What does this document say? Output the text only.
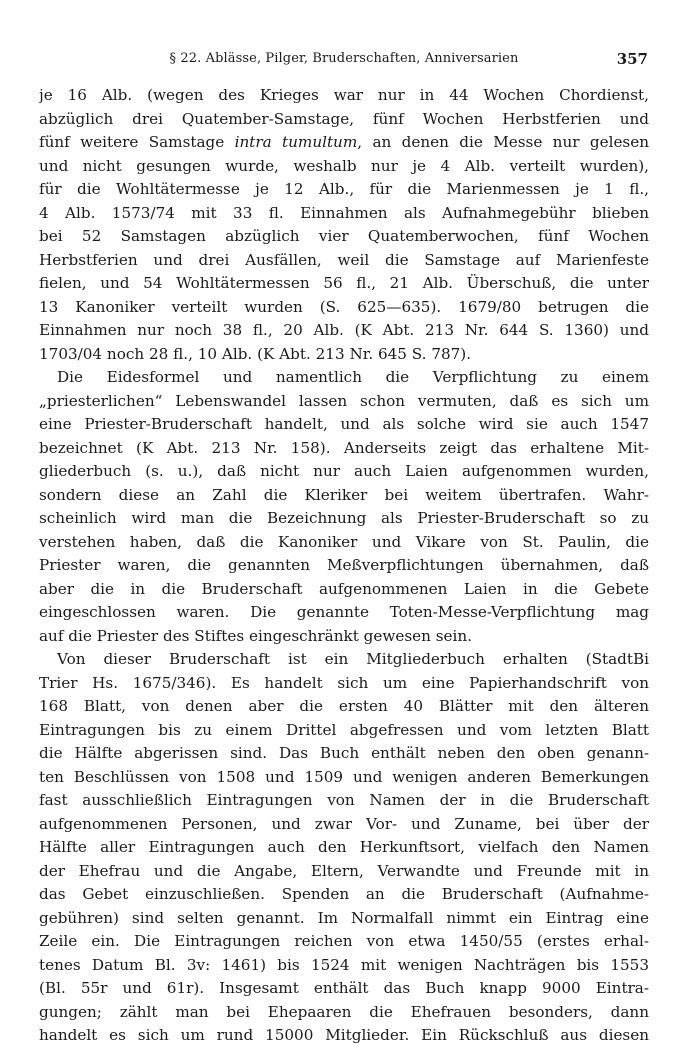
§ 22. Ablässe, Pilger, Bruderschaften, Anniversarien	357
je 16 Alb. (wegen des Krieges war nur in 44 Wochen Chordienst,
abzüglich drei Quatember-Samstage, fünf Wochen Herbstferien und
fünf weitere Samstage intra tumultum, an denen die Messe nur gelesen
und nicht gesungen wurde, weshalb nur je 4 Alb. verteilt wurden),
für die Wohltätermesse je 12 Alb., für die Marienmessen je 1 fl.,
4 Alb. 1573/74 mit 33 fl. Einnahmen als Aufnahmegebühr blieben
bei 52 Samstagen abzüglich vier Quatemberwochen, fünf Wochen
Herbstferien und drei Ausfällen, weil die Samstage auf Marienfeste
fielen, und 54 Wohltätermessen 56 fl., 21 Alb. Überschuß, die unter
13 Kanoniker verteilt wurden (S. 625—635). 1679/80 betrugen die
Einnahmen nur noch 38 fl., 20 Alb. (K Abt. 213 Nr. 644 S. 1360) und
1703/04 noch 28 fl., 10 Alb. (K Abt. 213 Nr. 645 S. 787).
Die Eidesformel und namentlich die Verpflichtung zu einem
„priesterlichen“ Lebenswandel lassen schon vermuten, daß es sich um
eine Priester-Bruderschaft handelt, und als solche wird sie auch 1547
bezeichnet (K Abt. 213 Nr. 158). Anderseits zeigt das erhaltene Mit-
gliederbuch (s. u.), daß nicht nur auch Laien aufgenommen wurden,
sondern diese an Zahl die Kleriker bei weitem übertrafen. Wahr-
scheinlich wird man die Bezeichnung als Priester-Bruderschaft so zu
verstehen haben, daß die Kanoniker und Vikare von St. Paulin, die
Priester waren, die genannten Meßverpflichtungen übernahmen, daß
aber die in die Bruderschaft aufgenommenen Laien in die Gebete
eingeschlossen waren. Die genannte Toten-Messe-Verpflichtung mag
auf die Priester des Stiftes eingeschränkt gewesen sein.
Von dieser Bruderschaft ist ein Mitgliederbuch erhalten (StadtBi
Trier Hs. 1675/346). Es handelt sich um eine Papierhandschrift von
168 Blatt, von denen aber die ersten 40 Blätter mit den älteren
Eintragungen bis zu einem Drittel abgefressen und vom letzten Blatt
die Hälfte abgerissen sind. Das Buch enthält neben den oben genann-
ten Beschlüssen von 1508 und 1509 und wenigen anderen Bemerkungen
fast ausschließlich Eintragungen von Namen der in die Bruderschaft
aufgenommenen Personen, und zwar Vor- und Zuname, bei über der
Hälfte aller Eintragungen auch den Herkunftsort, vielfach den Namen
der Ehefrau und die Angabe, Eltern, Verwandte und Freunde mit in
das Gebet einzuschließen. Spenden an die Bruderschaft (Aufnahme-
gebühren) sind selten genannt. Im Normalfall nimmt ein Eintrag eine
Zeile ein. Die Eintragungen reichen von etwa 1450/55 (erstes erhal-
tenes Datum Bl. 3v: 1461) bis 1524 mit wenigen Nachträgen bis 1553
(Bl. 55r und 61r). Insgesamt enthält das Buch knapp 9000 Eintra-
gungen; zählt man bei Ehepaaren die Ehefrauen besonders, dann
handelt es sich um rund 15000 Mitglieder. Ein Rückschluß aus diesen
